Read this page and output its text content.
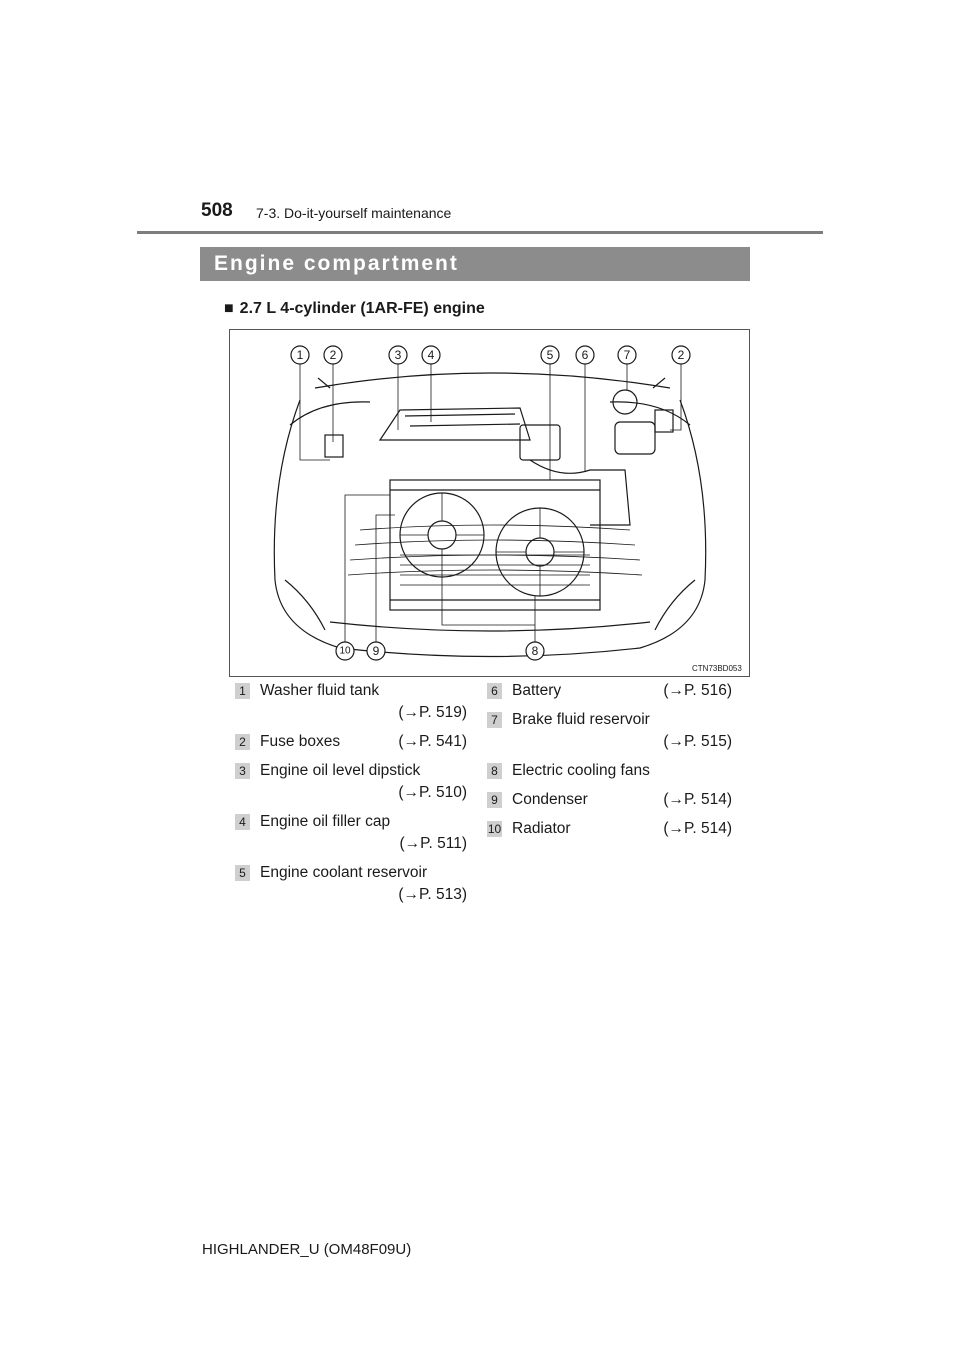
508 7-3. Do-it-yourself maintenance
Engine compartment
■ 2.7 L 4-cylinder (1AR-FE) engine
1 2	3 4	5 6	7	2
10 9	8
CTN73BD053
1 Washer fluid tank
(→P. 519)
2 Fuse boxes	(→P. 541)
3 Engine oil level dipstick
(→P. 510)
4 Engine oil filler cap
(→P. 511)
5 Engine coolant reservoir
(→P. 513)
6 Battery	(→P. 516)
7 Brake fluid reservoir
(→P. 515)
8 Electric cooling fans
9 Condenser	(→P. 514)
10 Radiator	(→P. 514)
HIGHLANDER_U (OM48F09U)
